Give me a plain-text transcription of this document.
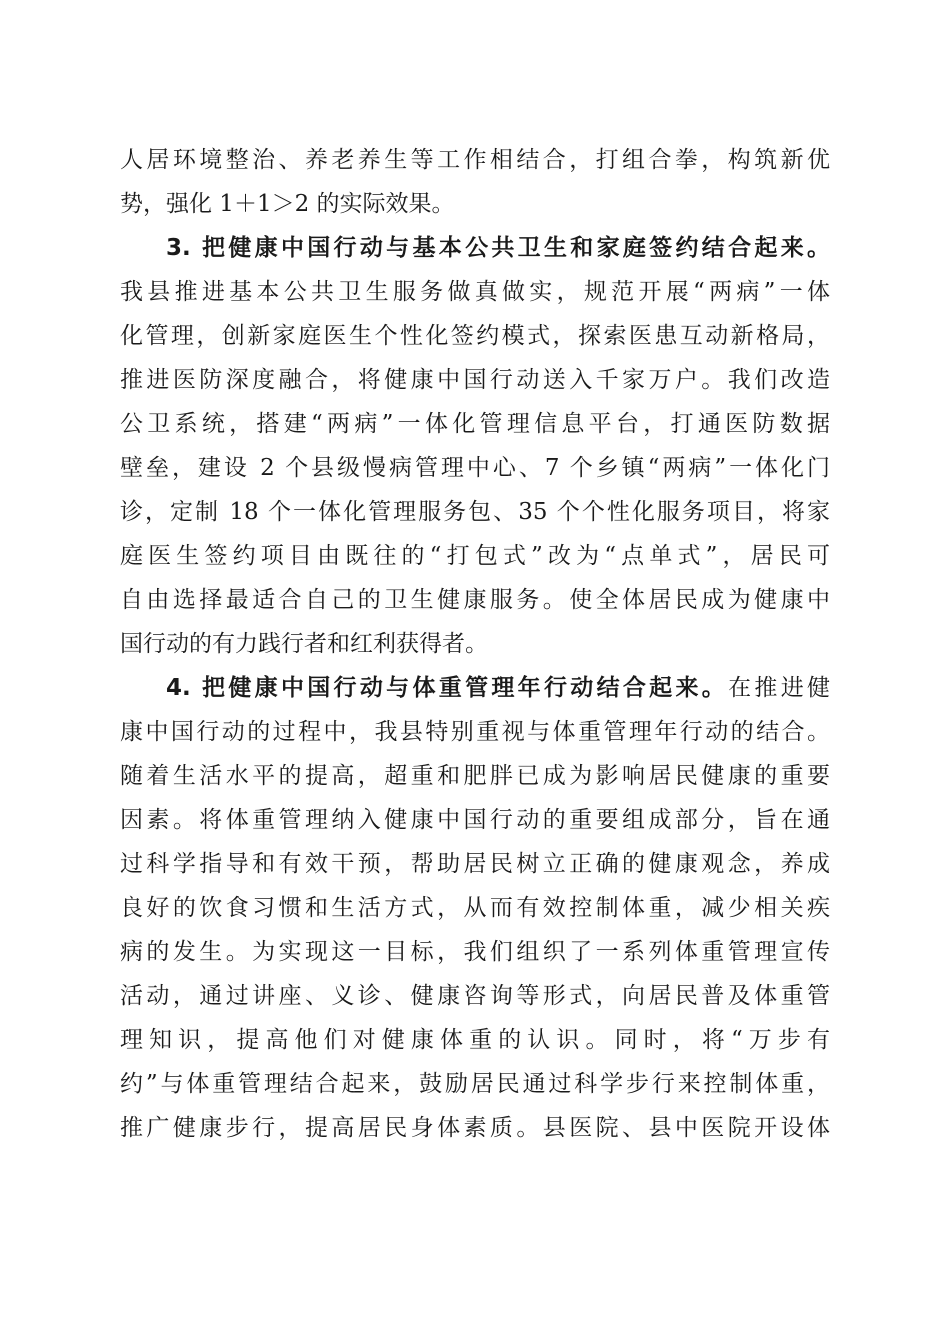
人居环境整治、养老养生等工作相结合，打组合拳，构筑新优
势，强化 1＋1＞2 的实际效果。
3. 把健康中国行动与基本公共卫生和家庭签约结合起来。
我县推进基本公共卫生服务做真做实，规范开展“两病”一体
化管理，创新家庭医生个性化签约模式，探索医患互动新格局，
推进医防深度融合，将健康中国行动送入千家万户。我们改造
公卫系统，搭建“两病”一体化管理信息平台，打通医防数据
壁垒，建设 2 个县级慢病管理中心、7 个乡镇“两病”一体化门
诊，定制 18 个一体化管理服务包、35 个个性化服务项目，将家
庭医生签约项目由既往的“打包式”改为“点单式”，居民可
自由选择最适合自己的卫生健康服务。使全体居民成为健康中
国行动的有力践行者和红利获得者。
4. 把健康中国行动与体重管理年行动结合起来。在推进健
康中国行动的过程中，我县特别重视与体重管理年行动的结合。
随着生活水平的提高，超重和肥胖已成为影响居民健康的重要
因素。将体重管理纳入健康中国行动的重要组成部分，旨在通
过科学指导和有效干预，帮助居民树立正确的健康观念，养成
良好的饮食习惯和生活方式，从而有效控制体重，减少相关疾
病的发生。为实现这一目标，我们组织了一系列体重管理宣传
活动，通过讲座、义诊、健康咨询等形式，向居民普及体重管
理知识，提高他们对健康体重的认识。同时，将“万步有
约”与体重管理结合起来，鼓励居民通过科学步行来控制体重，
推广健康步行，提高居民身体素质。县医院、县中医院开设体
